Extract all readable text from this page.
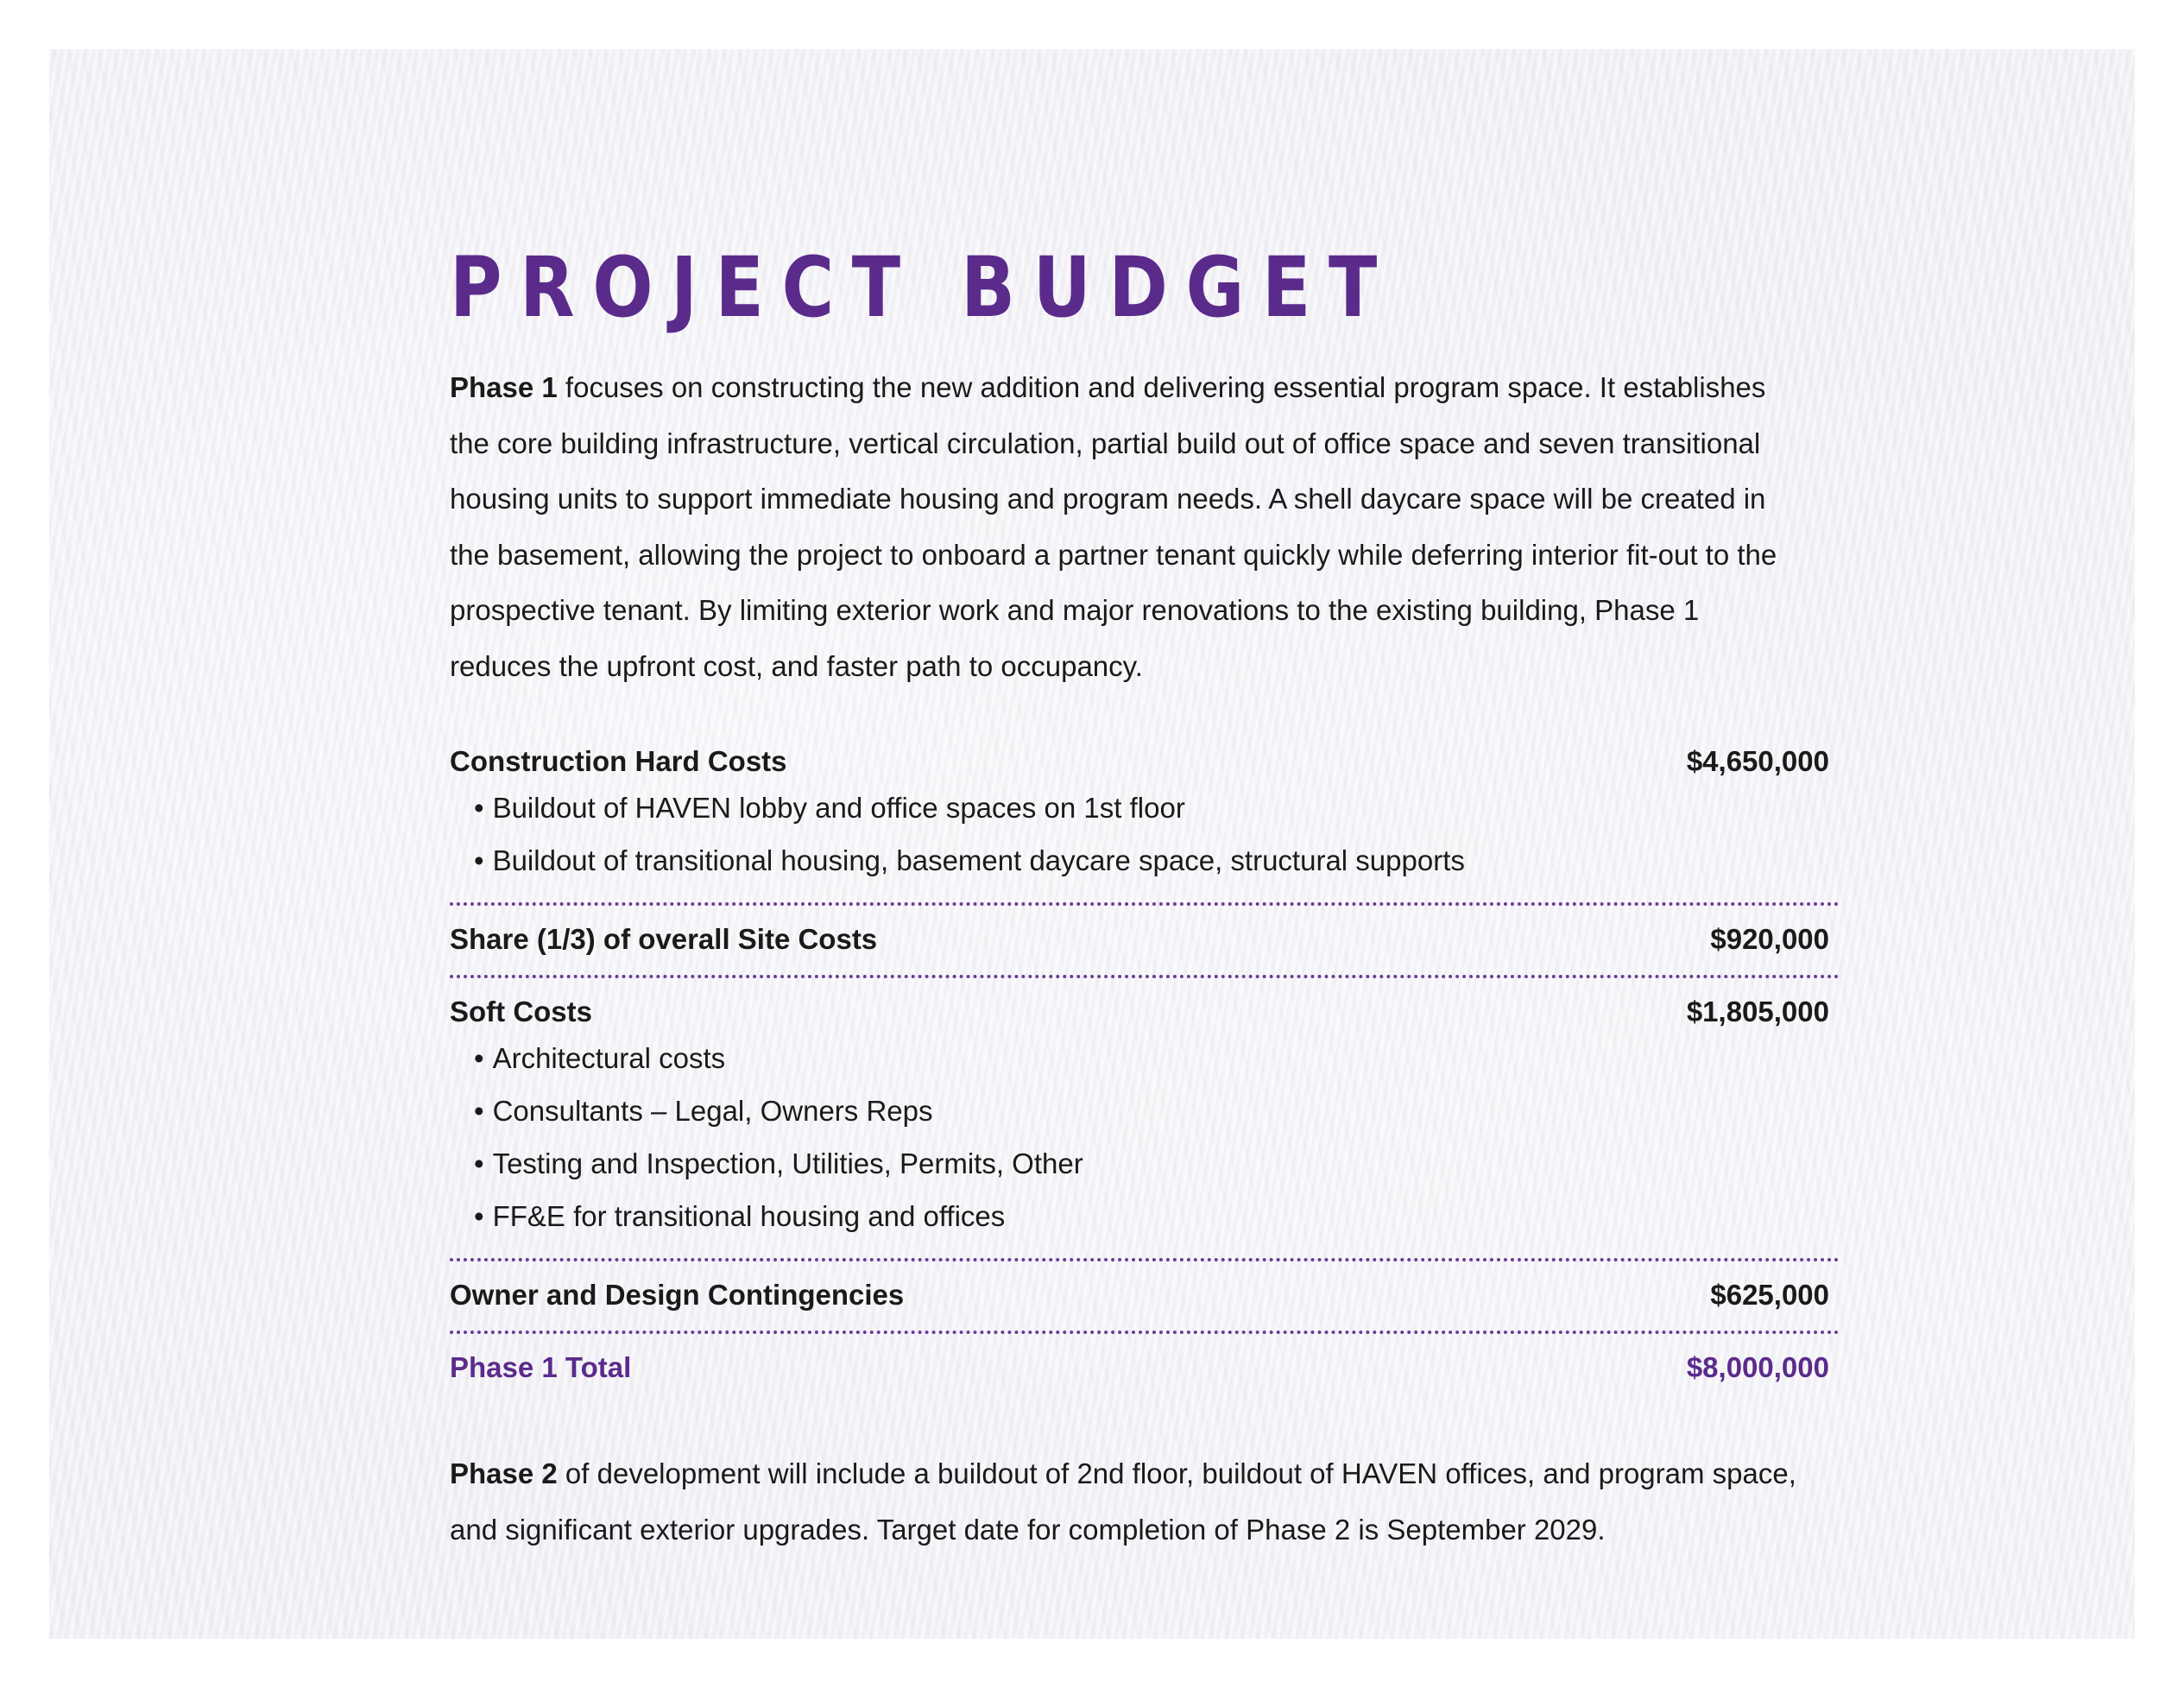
PROJECT BUDGET

Phase 1 focuses on constructing the new addition and delivering essential program space. It establishes the core building infrastructure, vertical circulation, partial build out of office space and seven transitional housing units to support immediate housing and program needs. A shell daycare space will be created in the basement, allowing the project to onboard a partner tenant quickly while deferring interior fit-out to the prospective tenant. By limiting exterior work and major renovations to the existing building, Phase 1 reduces the upfront cost, and faster path to occupancy.

Construction Hard Costs	$4,650,000
• Buildout of HAVEN lobby and office spaces on 1st floor
• Buildout of transitional housing, basement daycare space, structural supports
Share (1/3) of overall Site Costs	$920,000
Soft Costs	$1,805,000
• Architectural costs
• Consultants – Legal, Owners Reps
• Testing and Inspection, Utilities, Permits, Other
• FF&E for transitional housing and offices
Owner and Design Contingencies	$625,000
Phase 1 Total	$8,000,000

Phase 2 of development will include a buildout of 2nd floor, buildout of HAVEN offices, and program space, and significant exterior upgrades. Target date for completion of Phase 2 is September 2029.
